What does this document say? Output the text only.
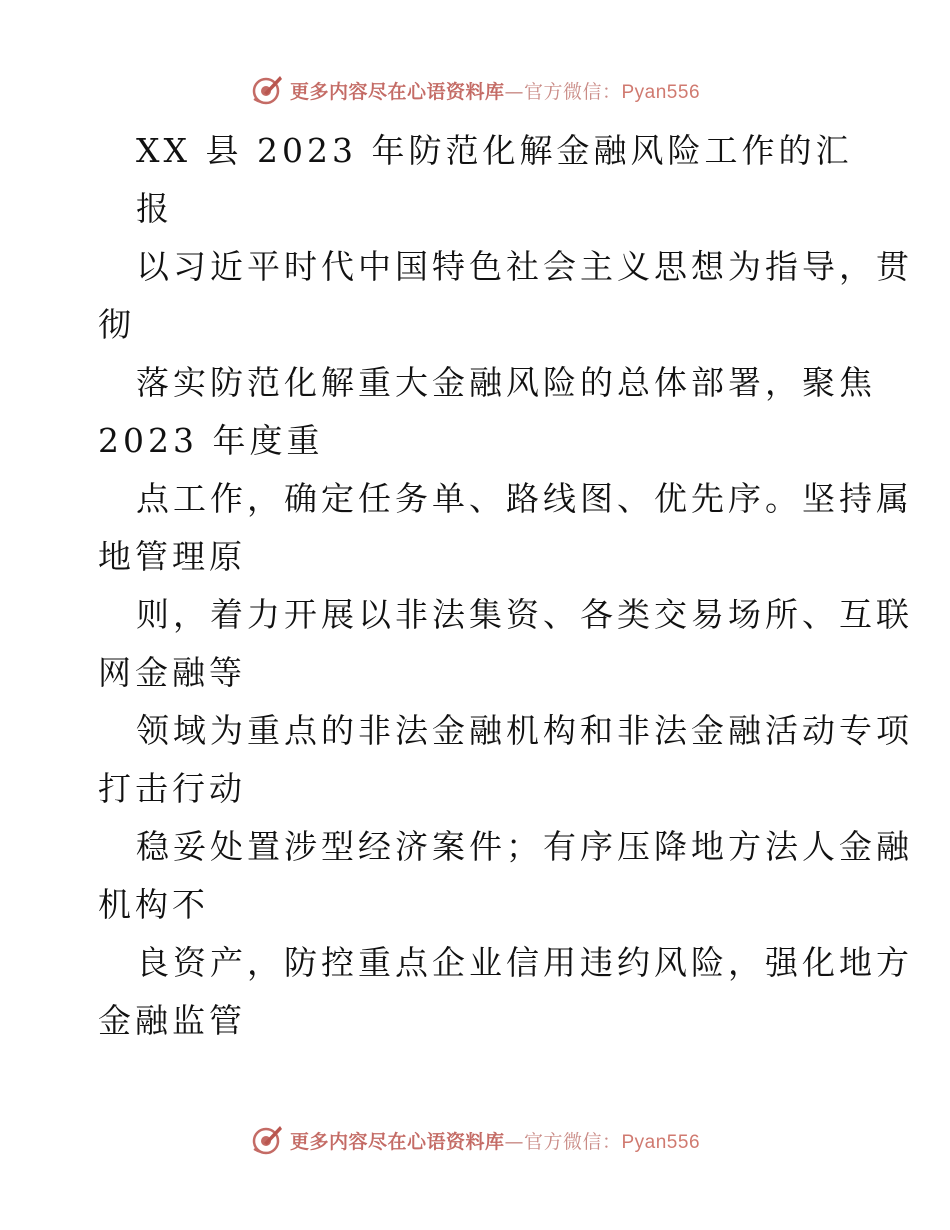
更多内容尽在心语资料库—官方微信：Pyan556
XX 县 2023 年防范化解金融风险工作的汇
报
以习近平时代中国特色社会主义思想为指导，贯
彻
落实防范化解重大金融风险的总体部署，聚焦
2023 年度重
点工作，确定任务单、路线图、优先序。坚持属
地管理原
则，着力开展以非法集资、各类交易场所、互联
网金融等
领域为重点的非法金融机构和非法金融活动专项
打击行动
稳妥处置涉型经济案件；有序压降地方法人金融
机构不
良资产，防控重点企业信用违约风险，强化地方
金融监管
更多内容尽在心语资料库—官方微信：Pyan556
